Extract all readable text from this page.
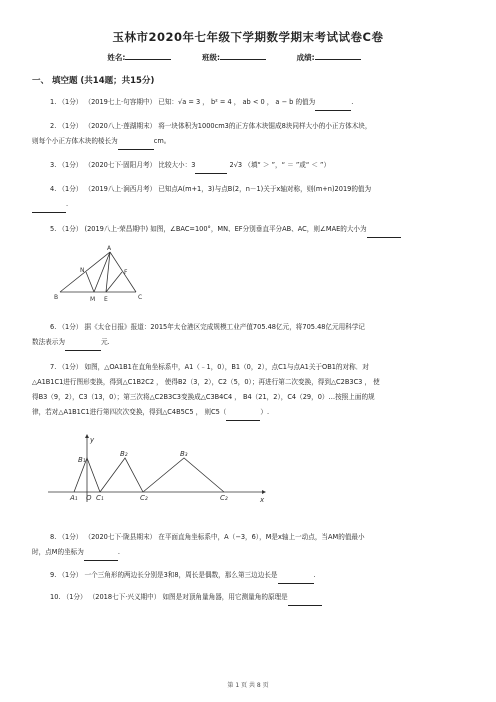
玉林市2020年七年级下学期数学期末考试试卷C卷
姓名:	班级:	成绩:
一、 填空题 (共14题；共15分)
1. （1分） （2019七上·句容期中） 已知：√a = 3 ， b² = 4 ， ab < 0 ， a − b 的值为	.
2. （1分） （2020八上·莲湖期末） 将一块体积为1000cm3的正方体木块锯成8块同样大小的小正方体木块，
则每个小正方体木块的棱长为	cm。
3. （1分） （2020七下·固阳月考） 比较大小：3	2√3 （填“ ＞ ”，“ ＝ ”或“ ＜ ”）
4. （1分） （2019八上·涧西月考） 已知点A(m+1，3)与点B(2，n－1)关于x轴对称，则(m+n)2019的值为
.
5. （1分） (2019八上·荣昌期中) 如图，∠BAC=100°，MN、EF分别垂直平分AB、AC，则∠MAE的大小为
A
B	M
N
E
F
C
6. （1分） 据《太仓日报》报道：2015年太仓港区完成规模工业产值705.48亿元，将705.48亿元用科学记
数法表示为	元.
7. （1分） 如图，△OA1B1在直角坐标系中，A1（﹣1，0），B1（0，2），点C1与点A1关于OB1的对称．对
△A1B1C1进行图形变换，得到△C1B2C2 ， 使得B2（3，2），C2（5，0）；再进行第二次变换，得到△C2B3C3 ， 使
得B3（9，2），C3（13，0）；第三次将△C2B3C3变换成△C3B4C4 ， B4（21，2），C4（29，0）…按照上面的规
律，若对△A1B1C1进行第四次次变换，得到△C4B5C5 ， 则C5（	）.
y
x
O
A₁
B₁
B₂	B₃
C₁	C₂	C₂
8. （1分） （2020七下·陇县期末） 在平面直角坐标系中，A（−3，6），M是x轴上一动点，当AM的值最小
时，点M的坐标为	.
9. （1分） 一个三角形的两边长分别是3和8，周长是偶数，那么第三边边长是	.
10. （1分） （2018七下·兴义期中） 如图是对顶角量角器，用它测量角的原理是
第 1 页 共 8 页
